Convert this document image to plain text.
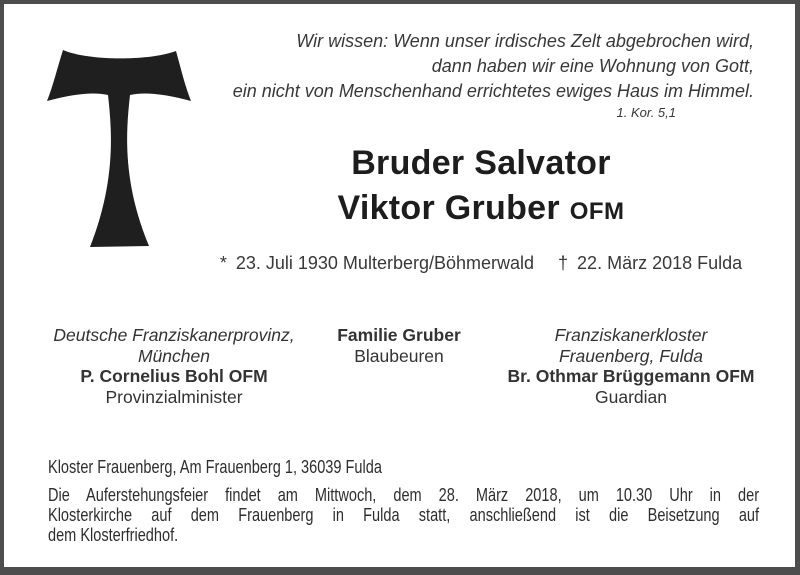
Wir wissen: Wenn unser irdisches Zelt abgebrochen wird,
dann haben wir eine Wohnung von Gott,
ein nicht von Menschenhand errichtetes ewiges Haus im Himmel.
1. Kor. 5,1
Bruder Salvator
Viktor Gruber OFM
* 23. Juli 1930 Multerberg/Böhmerwald † 22. März 2018 Fulda
Deutsche Franziskanerprovinz,
München
P. Cornelius Bohl OFM
Provinzialminister
Familie Gruber
Blaubeuren
Franziskanerkloster
Frauenberg, Fulda
Br. Othmar Brüggemann OFM
Guardian
Kloster Frauenberg, Am Frauenberg 1, 36039 Fulda
Die Auferstehungsfeier findet am Mittwoch, dem 28. März 2018, um 10.30 Uhr in der
Klosterkirche auf dem Frauenberg in Fulda statt, anschließend ist die Beisetzung auf
dem Klosterfriedhof.
